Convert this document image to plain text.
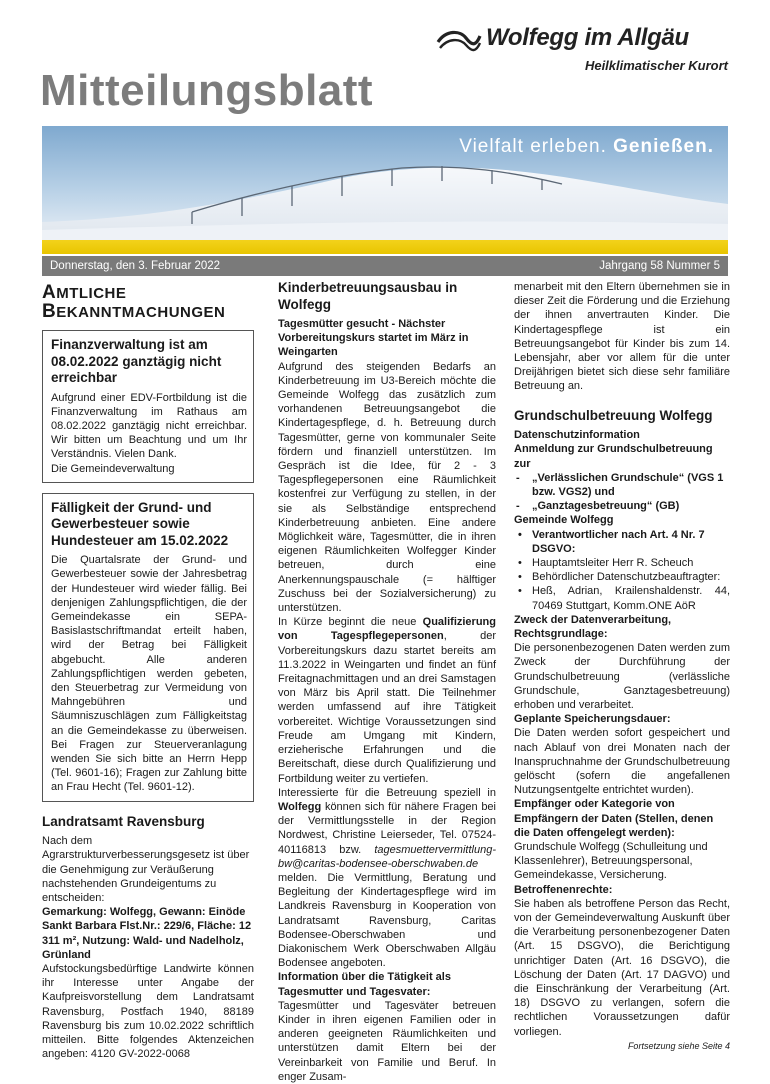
Wolfegg im Allgäu
Heilklimatischer Kurort
Mitteilungsblatt
Vielfalt erleben. Genießen.
Donnerstag, den 3. Februar 2022	Jahrgang 58 Nummer 5
AMTLICHE
BEKANNTMACHUNGEN
Finanzverwaltung ist am 08.02.2022 ganztägig nicht erreichbar

Aufgrund einer EDV-Fortbildung ist die Finanzverwaltung im Rathaus am 08.02.2022 ganztägig nicht erreichbar. Wir bitten um Beachtung und um Ihr Verständnis. Vielen Dank.

Die Gemeindeverwaltung

Fälligkeit der Grund- und Gewerbesteuer sowie Hundesteuer am 15.02.2022

Die Quartalsrate der Grund- und Gewerbesteuer sowie der Jahresbetrag der Hundesteuer wird wieder fällig. Bei denjenigen Zahlungspflichtigen, die der Gemeindekasse ein SEPA-Basislastschriftmandat erteilt haben, wird der Betrag bei Fälligkeit abgebucht. Alle anderen Zahlungspflichtigen werden gebeten, den Steuerbetrag zur Vermeidung von Mahngebühren und Säumniszuschlägen zum Fälligkeitstag an die Gemeindekasse zu überweisen. Bei Fragen zur Steuerveranlagung wenden Sie sich bitte an Herrn Hepp (Tel. 9601-16); Fragen zur Zahlung bitte an Frau Hecht (Tel. 9601-12).

Landratsamt Ravensburg

Nach dem Agrarstrukturverbesserungsgesetz ist über die Genehmigung zur Veräußerung nachstehenden Grundeigentums zu entscheiden:

Gemarkung: Wolfegg, Gewann: Einöde Sankt Barbara Flst.Nr.: 229/6, Fläche: 12 311 m², Nutzung: Wald- und Nadelholz, Grünland

Aufstockungsbedürftige Landwirte können ihr Interesse unter Angabe der Kaufpreisvorstellung dem Landratsamt Ravensburg, Postfach 1940, 88189 Ravensburg bis zum 10.02.2022 schriftlich mitteilen. Bitte folgendes Aktenzeichen angeben: 4120 GV-2022-0068

Kinderbetreuungsausbau in Wolfegg

Tagesmütter gesucht - Nächster Vorbereitungskurs startet im März in Weingarten

Aufgrund des steigenden Bedarfs an Kinderbetreuung im U3-Bereich möchte die Gemeinde Wolfegg das zusätzlich zum vorhandenen Betreuungsangebot die Kindertagespflege, d. h. Betreuung durch Tagesmütter, gerne von kommunaler Seite fördern und finanziell unterstützen. Im Gespräch ist die Idee, für 2 - 3 Tagespflegepersonen eine Räumlichkeit kostenfrei zur Verfügung zu stellen, in der sie als Selbständige entsprechend Kinderbetreuung anbieten. Eine andere Möglichkeit wäre, Tagesmütter, die in ihren eigenen Räumlichkeiten Wolfegger Kinder betreuen, durch eine Anerkennungspauschale (= hälftiger Zuschuss bei der Sozialversicherung) zu unterstützen.

In Kürze beginnt die neue Qualifizierung von Tagespflegepersonen, der Vorbereitungskurs dazu startet bereits am 11.3.2022 in Weingarten und findet an fünf Freitagnachmittagen und an drei Samstagen von März bis April statt. Die Teilnehmer werden umfassend auf ihre Tätigkeit vorbereitet. Wichtige Voraussetzungen sind Freude am Umgang mit Kindern, erzieherische Erfahrungen und die Bereitschaft, diese durch Qualifizierung und Fortbildung weiter zu vertiefen.

Interessierte für die Betreuung speziell in Wolfegg können sich für nähere Fragen bei der Vermittlungsstelle in der Region Nordwest, Christine Leierseder, Tel. 07524-40116813 bzw. tagesmuettervermittlung-bw@caritas-bodensee-oberschwaben.de melden. Die Vermittlung, Beratung und Begleitung der Kindertagespflege wird im Landkreis Ravensburg in Kooperation von Landratsamt Ravensburg, Caritas Bodensee-Oberschwaben und Diakonischem Werk Oberschwaben Allgäu Bodensee angeboten.

Information über die Tätigkeit als Tagesmutter und Tagesvater:

Tagesmütter und Tagesväter betreuen Kinder in ihren eigenen Familien oder in anderen geeigneten Räumlichkeiten und unterstützen damit Eltern bei der Vereinbarkeit von Familie und Beruf. In enger Zusam-

menarbeit mit den Eltern übernehmen sie in dieser Zeit die Förderung und die Erziehung der ihnen anvertrauten Kinder. Die Kindertagespflege ist ein Betreuungsangebot für Kinder bis zum 14. Lebensjahr, aber vor allem für die unter Dreijährigen bietet sich diese sehr familiäre Betreuung an.

Grundschulbetreuung Wolfegg

Datenschutzinformation

Anmeldung zur Grundschulbetreuung zur

- „Verlässlichen Grundschule“ (VGS 1 bzw. VGS2) und
- „Ganztagesbetreuung“ (GB)

Gemeinde Wolfegg

• Verantwortlicher nach Art. 4 Nr. 7 DSGVO:
• Hauptamtsleiter Herr R. Scheuch
• Behördlicher Datenschutzbeauftragter:
• Heß, Adrian, Krailenshaldenstr. 44, 70469 Stuttgart, Komm.ONE AöR

Zweck der Datenverarbeitung, Rechtsgrundlage:

Die personenbezogenen Daten werden zum Zweck der Durchführung der Grundschulbetreuung (verlässliche Grundschule, Ganztagesbetreuung) erhoben und verarbeitet.

Geplante Speicherungsdauer:

Die Daten werden sofort gespeichert und nach Ablauf von drei Monaten nach der Inanspruchnahme der Grundschulbetreuung gelöscht (sofern die angefallenen Nutzungsentgelte entrichtet wurden).

Empfänger oder Kategorie von Empfängern der Daten (Stellen, denen die Daten offengelegt werden):

Grundschule Wolfegg (Schulleitung und Klassenlehrer), Betreuungspersonal, Gemeindekasse, Versicherung.

Betroffenenrechte:

Sie haben als betroffene Person das Recht, von der Gemeindeverwaltung Auskunft über die Verarbeitung personenbezogener Daten (Art. 15 DSGVO), die Berichtigung unrichtiger Daten (Art. 16 DSGVO), die Löschung der Daten (Art. 17 DAGVO) und die Einschränkung der Verarbeitung (Art. 18) DSGVO zu verlangen, sofern die rechtlichen Voraussetzungen dafür vorliegen.

Fortsetzung siehe Seite 4
